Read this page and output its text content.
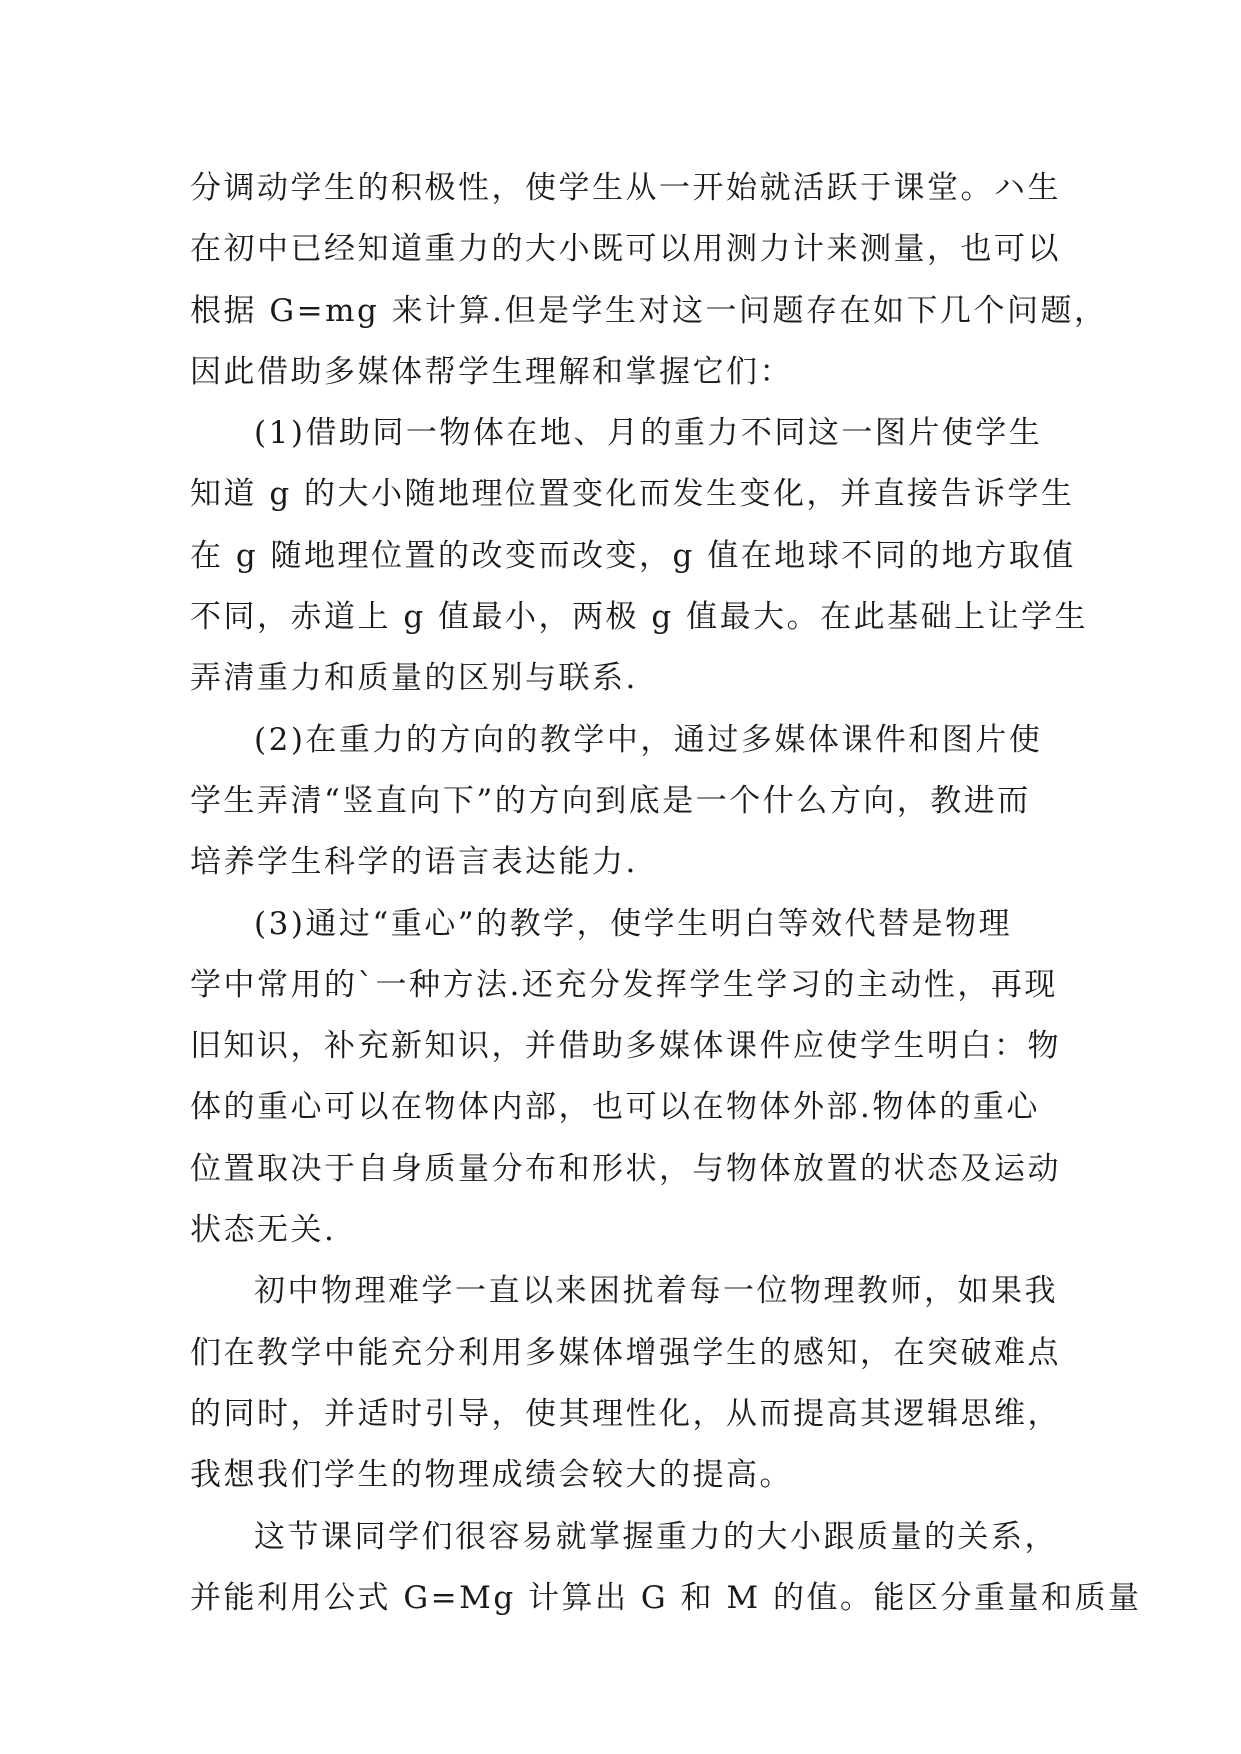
分调动学生的积极性，使学生从一开始就活跃于课堂。ハ生
在初中已经知道重力的大小既可以用测力计来测量，也可以
根据 G=mg 来计算.但是学生对这一问题存在如下几个问题，
因此借助多媒体帮学生理解和掌握它们：
(1)借助同一物体在地、月的重力不同这一图片使学生
知道 g 的大小随地理位置变化而发生变化，并直接告诉学生
在 g 随地理位置的改变而改变，g 值在地球不同的地方取值
不同，赤道上 g 值最小，两极 g 值最大。在此基础上让学生
弄清重力和质量的区别与联系.
(2)在重力的方向的教学中，通过多媒体课件和图片使
学生弄清“竖直向下”的方向到底是一个什么方向，教进而
培养学生科学的语言表达能力.
(3)通过“重心”的教学，使学生明白等效代替是物理
学中常用的`一种方法.还充分发挥学生学习的主动性，再现
旧知识，补充新知识，并借助多媒体课件应使学生明白：物
体的重心可以在物体内部，也可以在物体外部.物体的重心
位置取决于自身质量分布和形状，与物体放置的状态及运动
状态无关.
初中物理难学一直以来困扰着每一位物理教师，如果我
们在教学中能充分利用多媒体增强学生的感知，在突破难点
的同时，并适时引导，使其理性化，从而提高其逻辑思维，
我想我们学生的物理成绩会较大的提高。
这节课同学们很容易就掌握重力的大小跟质量的关系，
并能利用公式 G=Mg 计算出 G 和 M 的值。能区分重量和质量
